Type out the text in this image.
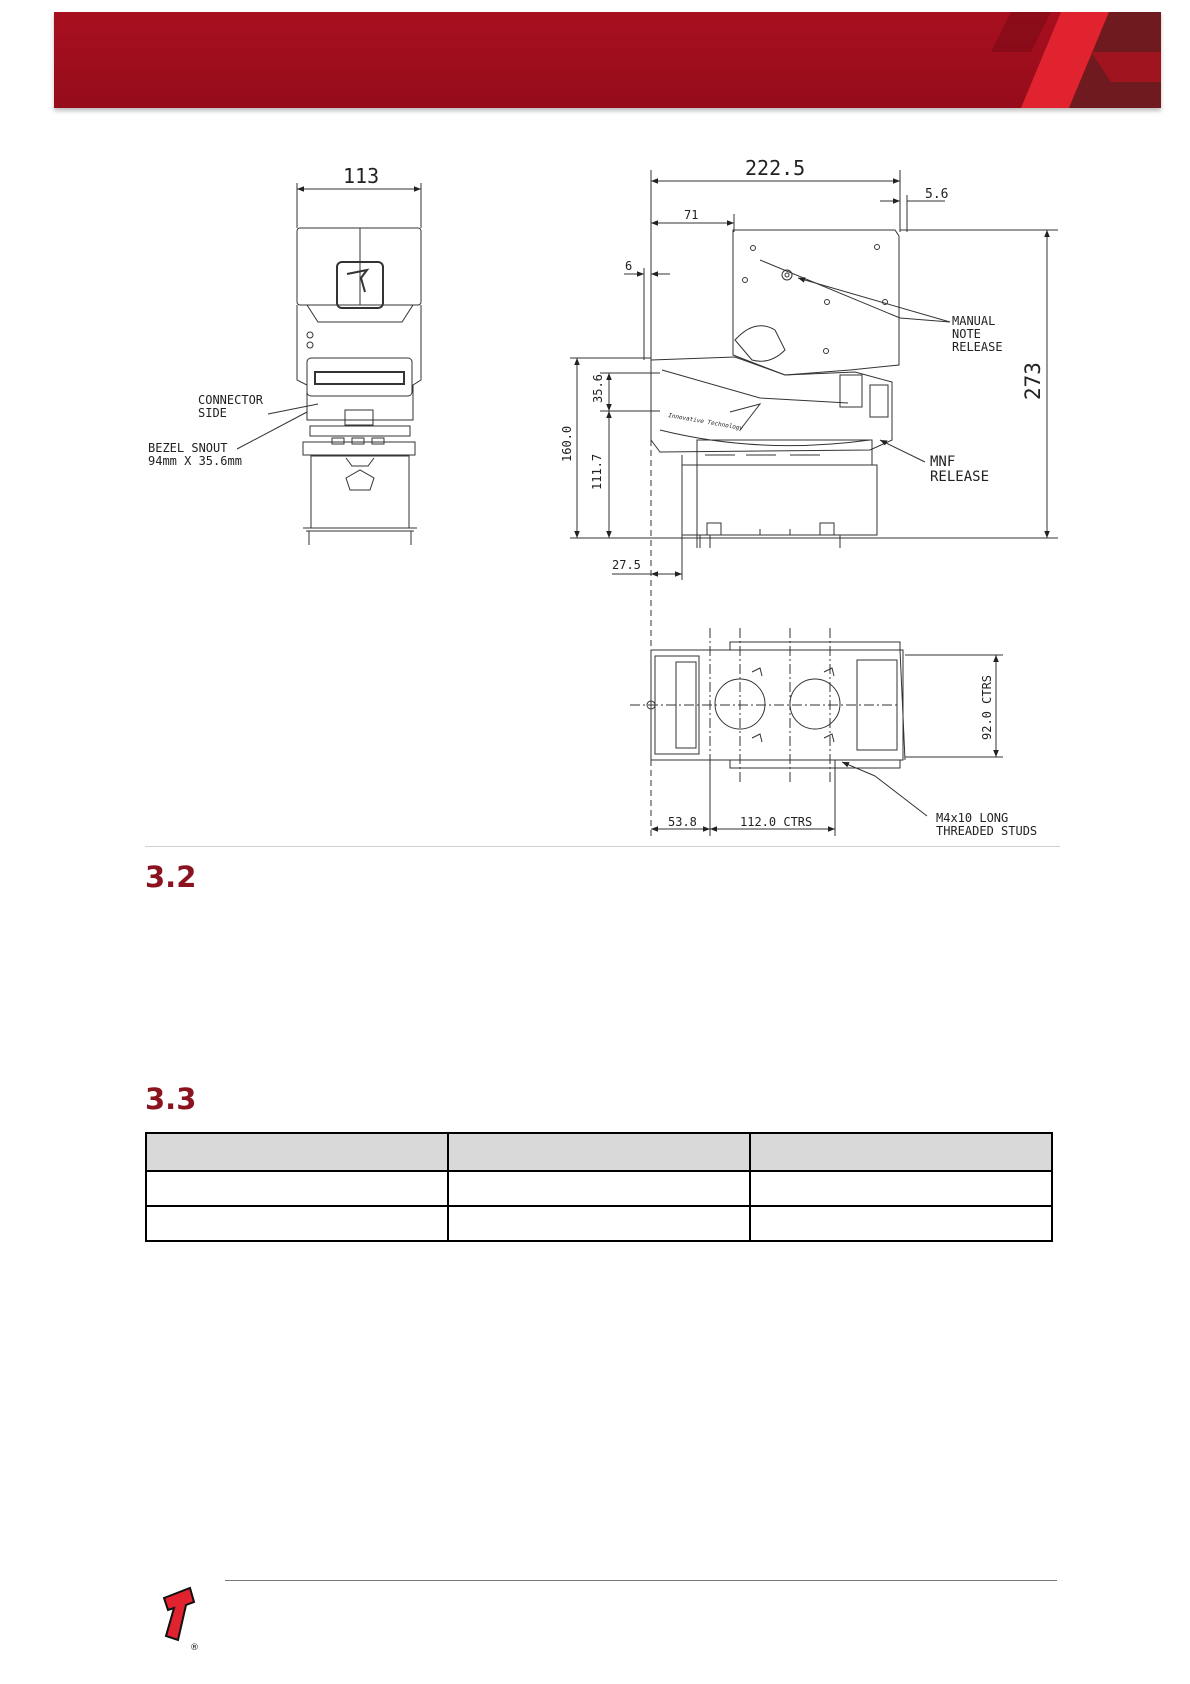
113	222.5
5.6
71
6
273
35.6
160.0
111.7
27.5
92.0 CTRS
53.8	112.0 CTRS
CONNECTOR
SIDE
BEZEL SNOUT
94mm X 35.6mm
MANUAL
NOTE
RELEASE
MNF
RELEASE
M4x10 LONG
THREADED STUDS
Innovative Technology
3.2
3.3

®
